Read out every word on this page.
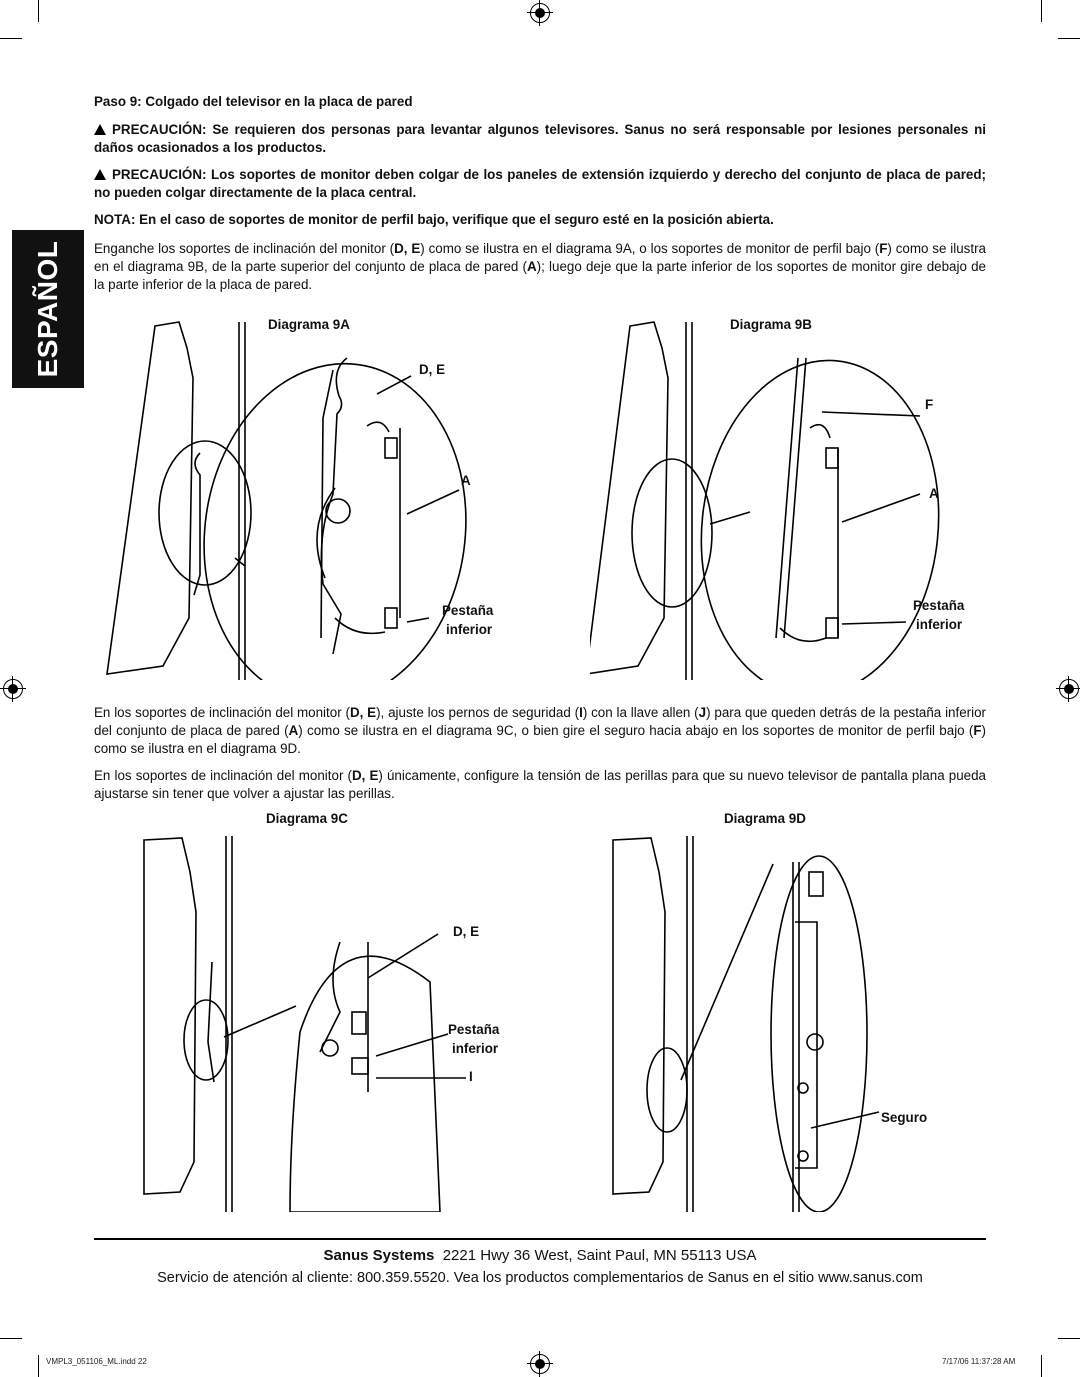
ESPAÑOL
Paso 9: Colgado del televisor en la placa de pared
PRECAUCIÓN: Se requieren dos personas para levantar algunos televisores. Sanus no será responsable por lesiones personales ni daños ocasionados a los productos.
PRECAUCIÓN: Los soportes de monitor deben colgar de los paneles de extensión izquierdo y derecho del conjunto de placa de pared; no pueden colgar directamente de la placa central.
NOTA: En el caso de soportes de monitor de perfil bajo, verifique que el seguro esté en la posición abierta.
Enganche los soportes de inclinación del monitor (D, E) como se ilustra en el diagrama 9A, o los soportes de monitor de perfil bajo (F) como se ilustra en el diagrama 9B, de la parte superior del conjunto de placa de pared (A); luego deje que la parte inferior de los soportes de monitor gire debajo de la parte inferior de la placa de pared.
Diagrama 9A
D, E
A
Pestaña
inferior
Diagrama 9B
F
A
Pestaña
inferior
En los soportes de inclinación del monitor (D, E), ajuste los pernos de seguridad (I) con la llave allen (J) para que queden detrás de la pestaña inferior del conjunto de placa de pared (A) como se ilustra en el diagrama 9C, o bien gire el seguro hacia abajo en los soportes de monitor de perfil bajo (F) como se ilustra en el diagrama 9D.
En los soportes de inclinación del monitor (D, E) únicamente, configure la tensión de las perillas para que su nuevo televisor de pantalla plana pueda ajustarse sin tener que volver a ajustar las perillas.
Diagrama 9C
D, E
Pestaña
inferior
I
Diagrama 9D
Seguro
Sanus Systems 2221 Hwy 36 West, Saint Paul, MN 55113 USA
Servicio de atención al cliente: 800.359.5520. Vea los productos complementarios de Sanus en el sitio www.sanus.com
VMPL3_051106_ML.indd 22	7/17/06 11:37:28 AM
